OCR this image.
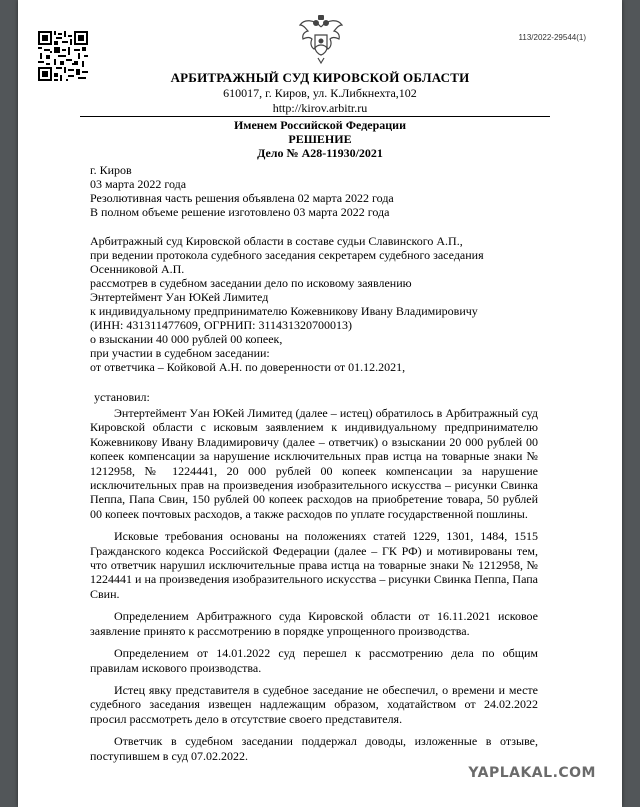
113/2022-29544(1)
АРБИТРАЖНЫЙ СУД КИРОВСКОЙ ОБЛАСТИ
610017, г. Киров, ул. К.Либкнехта,102
http://kirov.arbitr.ru
Именем Российской Федерации
РЕШЕНИЕ
Дело № А28-11930/2021
г. Киров
03 марта 2022 года
Резолютивная часть решения объявлена 02 марта 2022 года
В полном объеме решение изготовлено 03 марта 2022 года
Арбитражный суд Кировской области в составе судьи Славинского А.П.,
при ведении протокола судебного заседания секретарем судебного заседания
Осенниковой А.П.
рассмотрев в судебном заседании дело по исковому заявлению
Энтертеймент Уан ЮКей Лимитед
к индивидуальному предпринимателю Кожевникову Ивану Владимировичу
(ИНН: 431311477609, ОГРНИП: 311431320700013)
о взыскании 40 000 рублей 00 копеек,
при участии в судебном заседании:
от ответчика – Койковой А.Н. по доверенности от 01.12.2021,
установил:

Энтертеймент Уан ЮКей Лимитед (далее – истец) обратилось в Арбитражный суд Кировской области с исковым заявлением к индивидуальному предпринимателю Кожевникову Ивану Владимировичу (далее – ответчик) о взыскании 20 000 рублей 00 копеек компенсации за нарушение исключительных прав истца на товарные знаки № 1212958, № 1224441, 20 000 рублей 00 копеек компенсации за нарушение исключительных прав на произведения изобразительного искусства – рисунки Свинка Пеппа, Папа Свин, 150 рублей 00 копеек расходов на приобретение товара, 50 рублей 00 копеек почтовых расходов, а также расходов по уплате государственной пошлины.

Исковые требования основаны на положениях статей 1229, 1301, 1484, 1515 Гражданского кодекса Российской Федерации (далее – ГК РФ) и мотивированы тем, что ответчик нарушил исключительные права истца на товарные знаки № 1212958, № 1224441 и на произведения изобразительного искусства – рисунки Свинка Пеппа, Папа Свин.

Определением Арбитражного суда Кировской области от 16.11.2021 исковое заявление принято к рассмотрению в порядке упрощенного производства.

Определением от 14.01.2022 суд перешел к рассмотрению дела по общим правилам искового производства.

Истец явку представителя в судебное заседание не обеспечил, о времени и месте судебного заседания извещен надлежащим образом, ходатайством от 24.02.2022 просил рассмотреть дело в отсутствие своего представителя.

Ответчик в судебном заседании поддержал доводы, изложенные в отзыве, поступившем в суд 07.02.2022.

YAPLAKAL.COM
